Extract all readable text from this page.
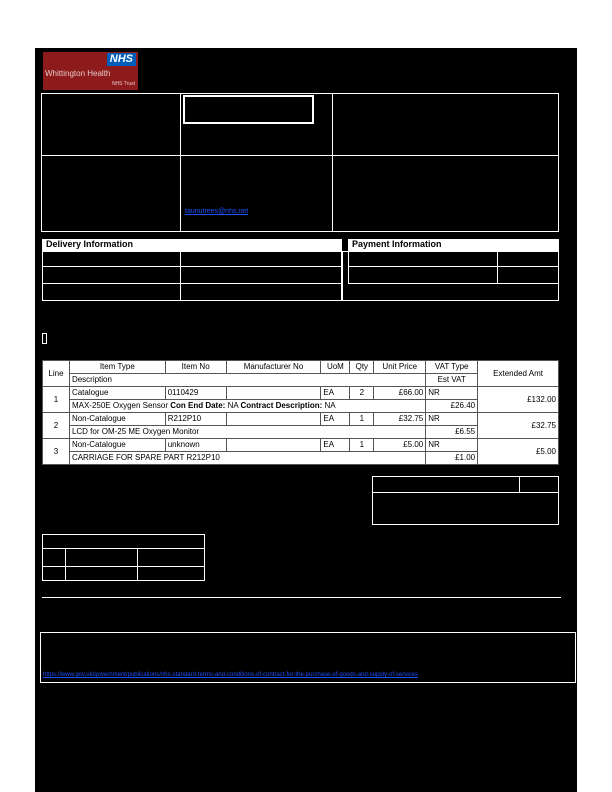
NHS
Whittington Health
NHS Trust
taunutrees@nhs.net
Delivery Information	Payment Information
Line	Item Type	Item No	Manufacturer No	UoM	Qty	Unit Price	VAT Type	Extended Amt
	Description						Est VAT	
1	Catalogue	0110429		EA	2	£66.00	NR	£132.00
	MAX-250E Oxygen Sensor Con End Date: NA Contract Description: NA						£26.40	
2	Non-Catalogue	R212P10		EA	1	£32.75	NR	£32.75
	LCD for OM-25 ME Oxygen Monitor						£6.55	
3	Non-Catalogue	unknown		EA	1	£5.00	NR	£5.00
	CARRIAGE FOR SPARE PART R212P10						£1.00	
https://www.gov.uk/government/publications/nhs-standard-terms-and-conditions-of-contract-for-the-purchase-of-goods-and-supply-of-services
